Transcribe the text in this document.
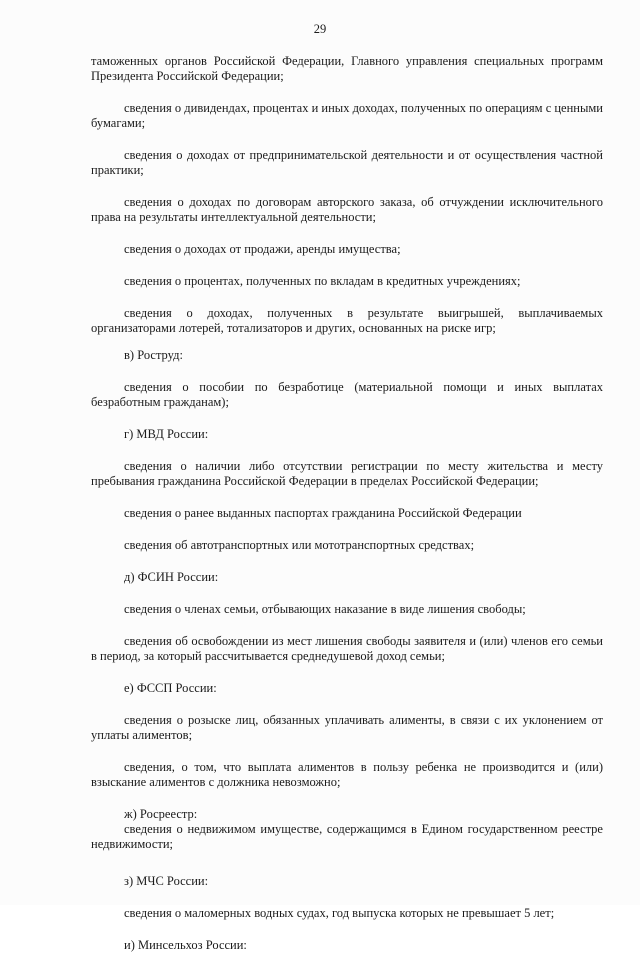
29

таможенных органов Российской Федерации, Главного управления специальных программ Президента Российской Федерации;

сведения о дивидендах, процентах и иных доходах, полученных по операциям с ценными бумагами;

сведения о доходах от предпринимательской деятельности и от осуществления частной практики;

сведения о доходах по договорам авторского заказа, об отчуждении исключительного права на результаты интеллектуальной деятельности;

сведения о доходах от продажи, аренды имущества;

сведения о процентах, полученных по вкладам в кредитных учреждениях;

сведения о доходах, полученных в результате выигрышей, выплачиваемых организаторами лотерей, тотализаторов и других, основанных на риске игр;

в) Роструд:

сведения о пособии по безработице (материальной помощи и иных выплатах безработным гражданам);

г) МВД России:

сведения о наличии либо отсутствии регистрации по месту жительства и месту пребывания гражданина Российской Федерации в пределах Российской Федерации;

сведения о ранее выданных паспортах гражданина Российской Федерации

сведения об автотранспортных или мототранспортных средствах;

д) ФСИН России:

сведения о членах семьи, отбывающих наказание в виде лишения свободы;

сведения об освобождении из мест лишения свободы заявителя и (или) членов его семьи в период, за который рассчитывается среднедушевой доход семьи;

е) ФССП России:

сведения о розыске лиц, обязанных уплачивать алименты, в связи с их уклонением от уплаты алиментов;

сведения, о том, что выплата алиментов в пользу ребенка не производится и (или) взыскание алиментов с должника невозможно;

ж) Росреестр:

сведения о недвижимом имуществе, содержащимся в Едином государственном реестре недвижимости;

з) МЧС России:

сведения о маломерных водных судах, год выпуска которых не превышает 5 лет;

и) Минсельхоз России:
